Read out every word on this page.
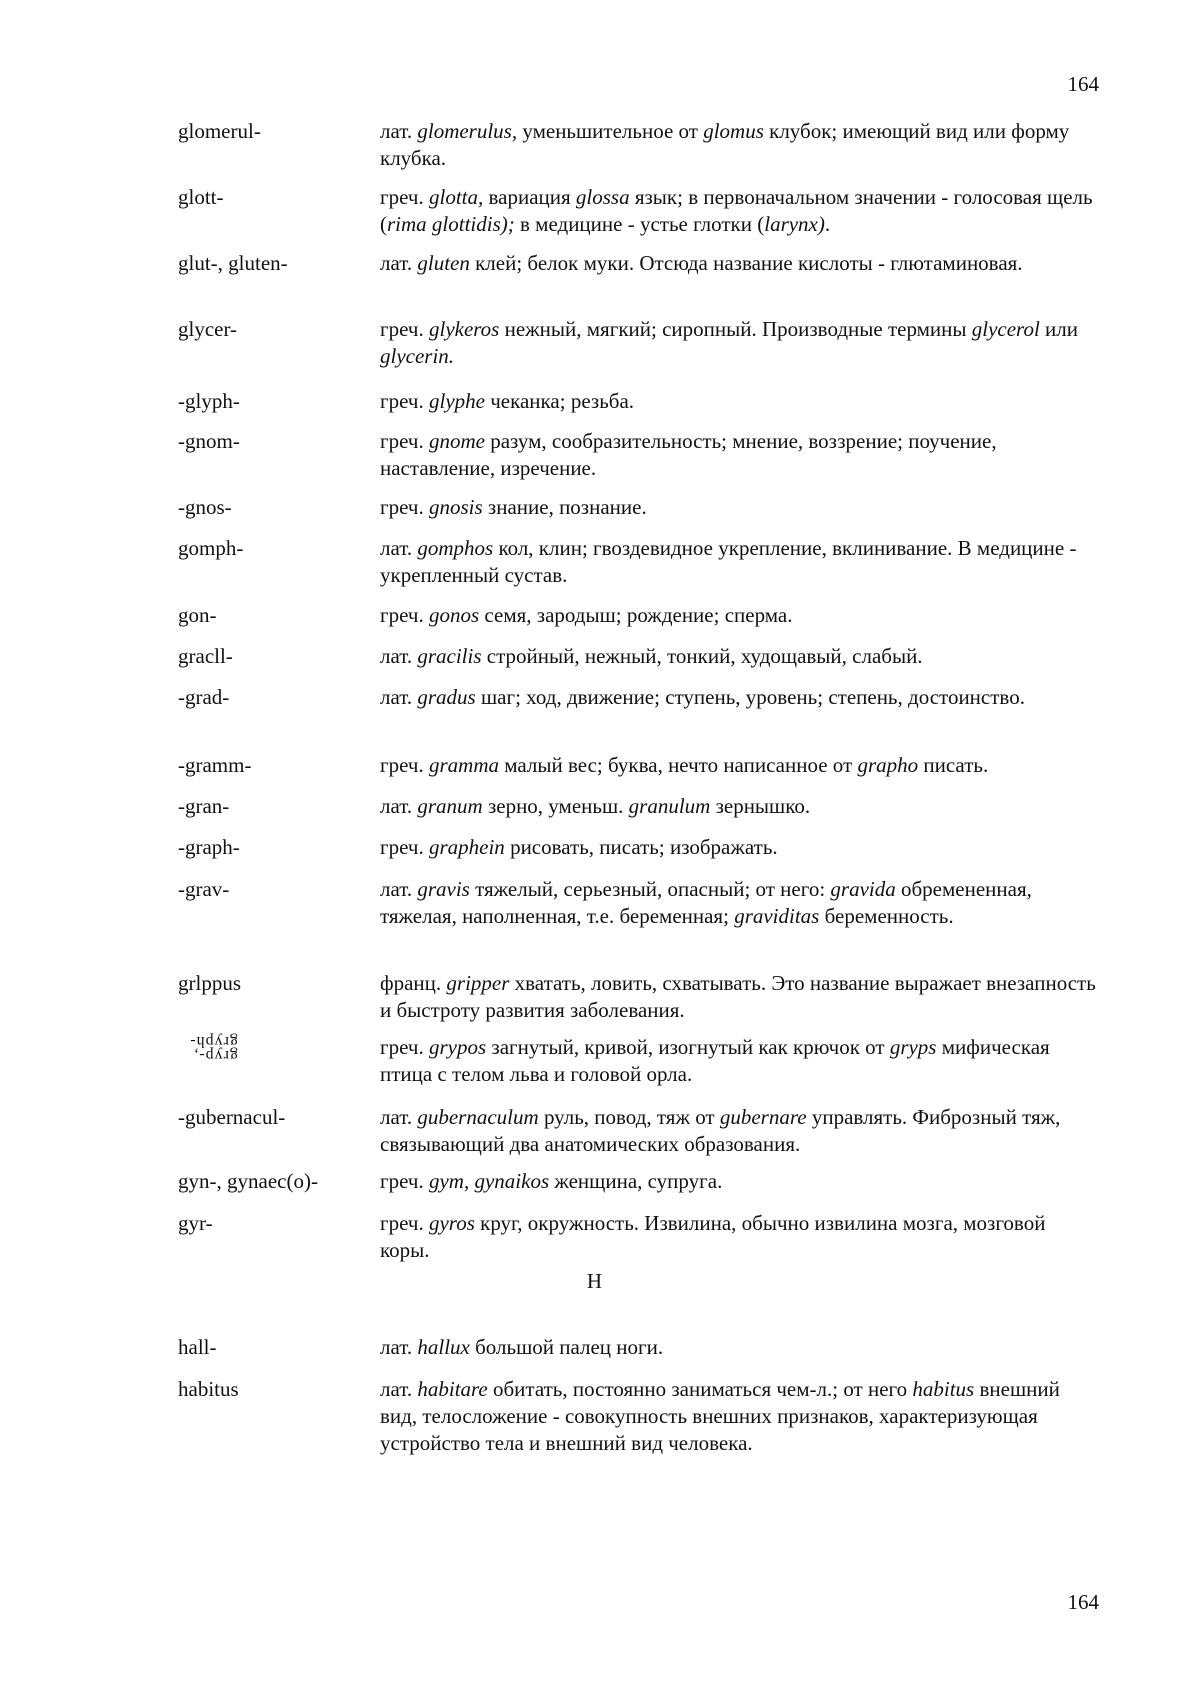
164
glomerul-	лат. glomerulus, уменьшительное от glomus клубок; имеющий вид или форму клубка.
glott-	греч. glotta, вариация glossa язык; в первоначальном значении - голосовая щель (rima glottidis); в медицине - устье глотки (larynx).
glut-, gluten-	лат. gluten клей; белок муки. Отсюда название кислоты - глютаминовая.
glycer-	греч. glykeros нежный, мягкий; сиропный. Производные термины glycerol или glycerin.
-glyph-	греч. glyphe чеканка; резьба.
-gnom-	греч. gnome разум, сообразительность; мнение, воззрение; поучение, наставление, изречение.
-gnos-	греч. gnosis знание, познание.
gomph-	лат. gomphos кол, клин; гвоздевидное укрепление, вклинивание. В медицине - укрепленный сустав.
gon-	греч. gonos семя, зародыш; рождение; сперма.
gracll-	лат. gracilis стройный, нежный, тонкий, худощавый, слабый.
-grad-	лат. gradus шаг; ход, движение; ступень, уровень; степень, достоинство.
-gramm-	греч. gramma малый вес; буква, нечто написанное от grapho писать.
-gran-	лат. granum зерно, уменьш. granulum зернышко.
-graph-	греч. graphein рисовать, писать; изображать.
-grav-	лат. gravis тяжелый, серьезный, опасный; от него: gravida обремененная, тяжелая, наполненная, т.е. беременная; graviditas беременность.
grlppus	франц. gripper хватать, ловить, схватывать. Это название выражает внезапность и быстроту развития заболевания.
gryp-, gryph-	греч. grypos загнутый, кривой, изогнутый как крючок от gryps мифическая птица с телом льва и головой орла.
-gubernacul-	лат. gubernaculum руль, повод, тяж от gubernare управлять. Фиброзный тяж, связывающий два анатомических образования.
gyn-, gynaec(o)-	греч. gym, gynaikos женщина, супруга.
gyr-	греч. gyros круг, окружность. Извилина, обычно извилина мозга, мозговой коры.
H
hall-	лат. hallux большой палец ноги.
habitus	лат. habitare обитать, постоянно заниматься чем-л.; от него habitus внешний вид, телосложение - совокупность внешних признаков, характеризующая устройство тела и внешний вид человека.
164
